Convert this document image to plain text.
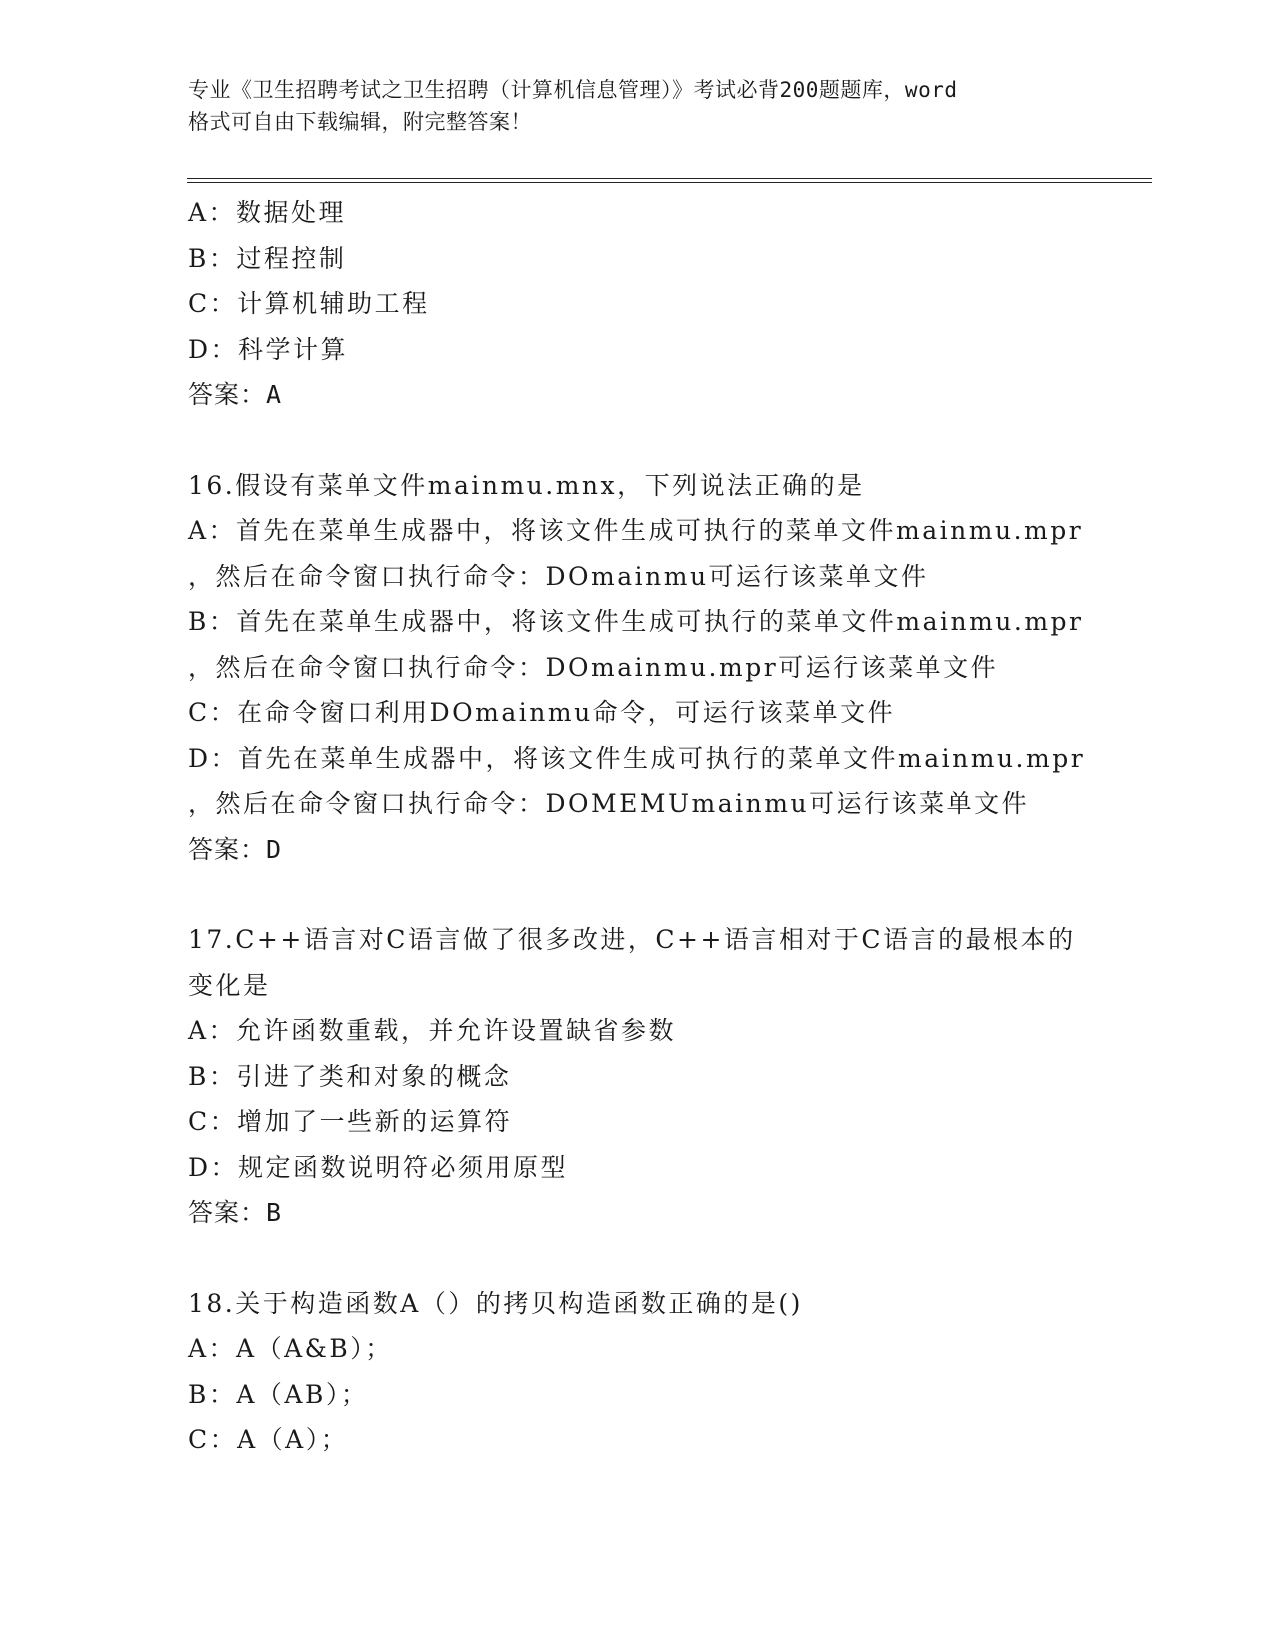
专业《卫生招聘考试之卫生招聘（计算机信息管理）》考试必背200题题库，word
格式可自由下载编辑，附完整答案！
A：数据处理
B：过程控制
C：计算机辅助工程
D：科学计算
答案：A
16.假设有菜单文件mainmu.mnx，下列说法正确的是
A：首先在菜单生成器中，将该文件生成可执行的菜单文件mainmu.mpr
，然后在命令窗口执行命令：DOmainmu可运行该菜单文件
B：首先在菜单生成器中，将该文件生成可执行的菜单文件mainmu.mpr
，然后在命令窗口执行命令：DOmainmu.mpr可运行该菜单文件
C：在命令窗口利用DOmainmu命令，可运行该菜单文件
D：首先在菜单生成器中，将该文件生成可执行的菜单文件mainmu.mpr
，然后在命令窗口执行命令：DOMEMUmainmu可运行该菜单文件
答案：D
17.C++语言对C语言做了很多改进，C++语言相对于C语言的最根本的
变化是
A：允许函数重载，并允许设置缺省参数
B：引进了类和对象的概念
C：增加了一些新的运算符
D：规定函数说明符必须用原型
答案：B
18.关于构造函数A（）的拷贝构造函数正确的是()
A：A（A&B）；
B：A（AB）；
C：A（A）；
